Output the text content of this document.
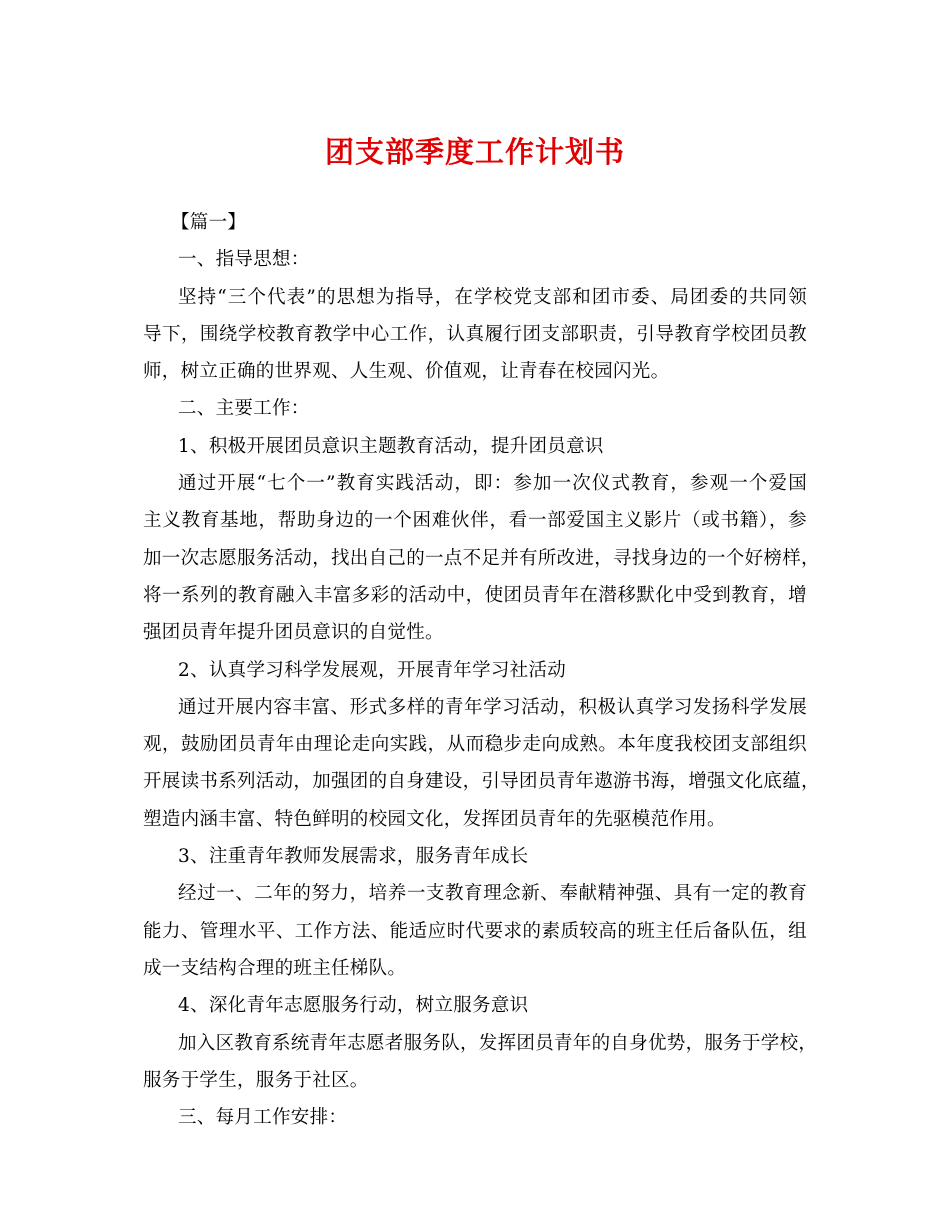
团支部季度工作计划书
【篇一】
一、指导思想：
坚持“三个代表”的思想为指导，在学校党支部和团市委、局团委的共同领
导下，围绕学校教育教学中心工作，认真履行团支部职责，引导教育学校团员教
师，树立正确的世界观、人生观、价值观，让青春在校园闪光。
二、主要工作：
1、积极开展团员意识主题教育活动，提升团员意识
通过开展“七个一”教育实践活动，即：参加一次仪式教育，参观一个爱国
主义教育基地，帮助身边的一个困难伙伴，看一部爱国主义影片（或书籍），参
加一次志愿服务活动，找出自己的一点不足并有所改进，寻找身边的一个好榜样，
将一系列的教育融入丰富多彩的活动中，使团员青年在潜移默化中受到教育，增
强团员青年提升团员意识的自觉性。
2、认真学习科学发展观，开展青年学习社活动
通过开展内容丰富、形式多样的青年学习活动，积极认真学习发扬科学发展
观，鼓励团员青年由理论走向实践，从而稳步走向成熟。本年度我校团支部组织
开展读书系列活动，加强团的自身建设，引导团员青年遨游书海，增强文化底蕴，
塑造内涵丰富、特色鲜明的校园文化，发挥团员青年的先驱模范作用。
3、注重青年教师发展需求，服务青年成长
经过一、二年的努力，培养一支教育理念新、奉献精神强、具有一定的教育
能力、管理水平、工作方法、能适应时代要求的素质较高的班主任后备队伍，组
成一支结构合理的班主任梯队。
4、深化青年志愿服务行动，树立服务意识
加入区教育系统青年志愿者服务队，发挥团员青年的自身优势，服务于学校，
服务于学生，服务于社区。
三、每月工作安排：
